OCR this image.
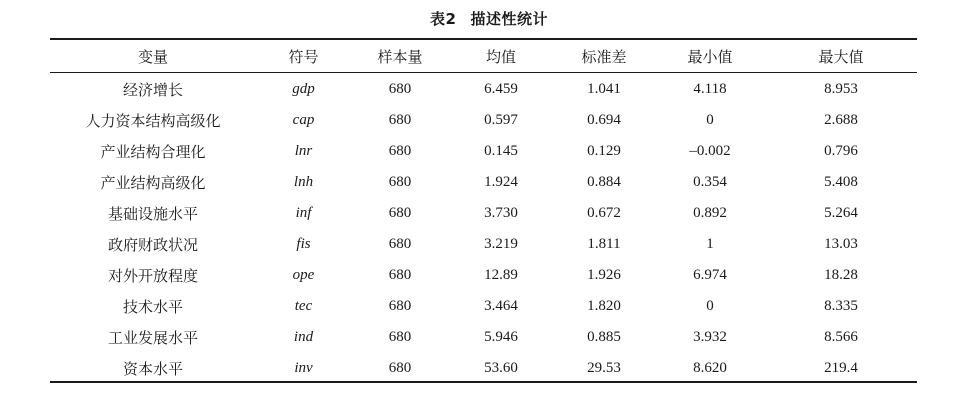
表2 描述性统计
变量	符号	样本量	均值	标准差	最小值	最大值
经济增长	gdp	680	6.459	1.041	4.118	8.953
人力资本结构高级化	cap	680	0.597	0.694	0	2.688
产业结构合理化	lnr	680	0.145	0.129	–0.002	0.796
产业结构高级化	lnh	680	1.924	0.884	0.354	5.408
基础设施水平	inf	680	3.730	0.672	0.892	5.264
政府财政状况	fis	680	3.219	1.811	1	13.03
对外开放程度	ope	680	12.89	1.926	6.974	18.28
技术水平	tec	680	3.464	1.820	0	8.335
工业发展水平	ind	680	5.946	0.885	3.932	8.566
资本水平	inv	680	53.60	29.53	8.620	219.4
